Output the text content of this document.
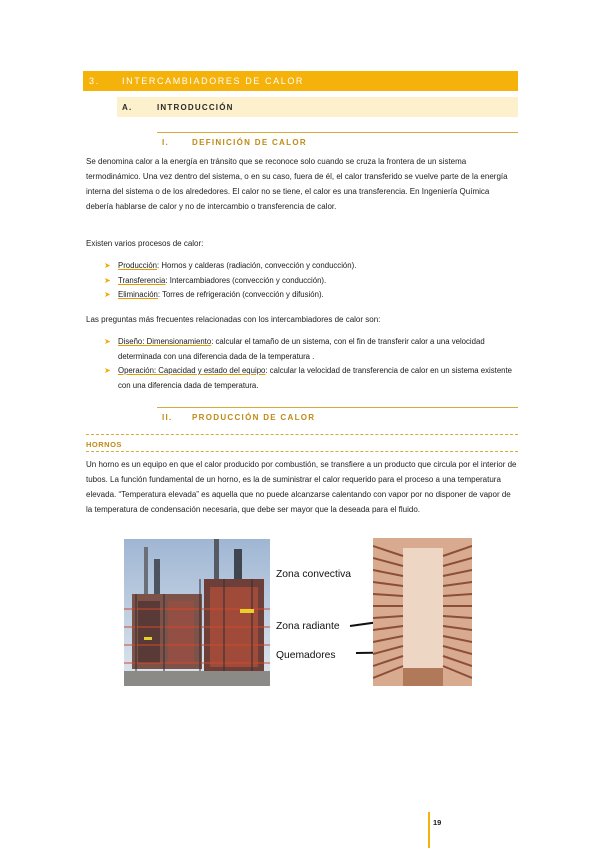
3. INTERCAMBIADORES DE CALOR
A.	INTRODUCCIÓN
I.	DEFINICIÓN DE CALOR
Se denomina calor a la energía en tránsito que se reconoce solo cuando se cruza la frontera de un sistema termodinámico. Una vez dentro del sistema, o en su caso, fuera de él, el calor transferido se vuelve parte de la energía interna del sistema o de los alrededores. El calor no se tiene, el calor es una transferencia. En Ingeniería Química debería hablarse de calor y no de intercambio o transferencia de calor.
Existen varios procesos de calor:
➤ Producción: Hornos y calderas (radiación, convección y conducción).
➤ Transferencia: Intercambiadores (convección y conducción).
➤ Eliminación: Torres de refrigeración (convección y difusión).
Las preguntas más frecuentes relacionadas con los intercambiadores de calor son:
➤ Diseño: Dimensionamiento: calcular el tamaño de un sistema, con el fin de transferir calor a una velocidad determinada con una diferencia dada de la temperatura .
➤ Operación: Capacidad y estado del equipo: calcular la velocidad de transferencia de calor en un sistema existente con una diferencia dada de temperatura.
II. PRODUCCIÓN DE CALOR
HORNOS
Un horno es un equipo en que el calor producido por combustión, se transfiere a un producto que circula por el interior de tubos. La función fundamental de un horno, es la de suministrar el calor requerido para el proceso a una temperatura elevada. “Temperatura elevada” es aquella que no puede alcanzarse calentando con vapor por no disponer de vapor de la temperatura de condensación necesaria, que debe ser mayor que la deseada para el fluido.
Zona convectiva
Zona radiante
Quemadores
19
